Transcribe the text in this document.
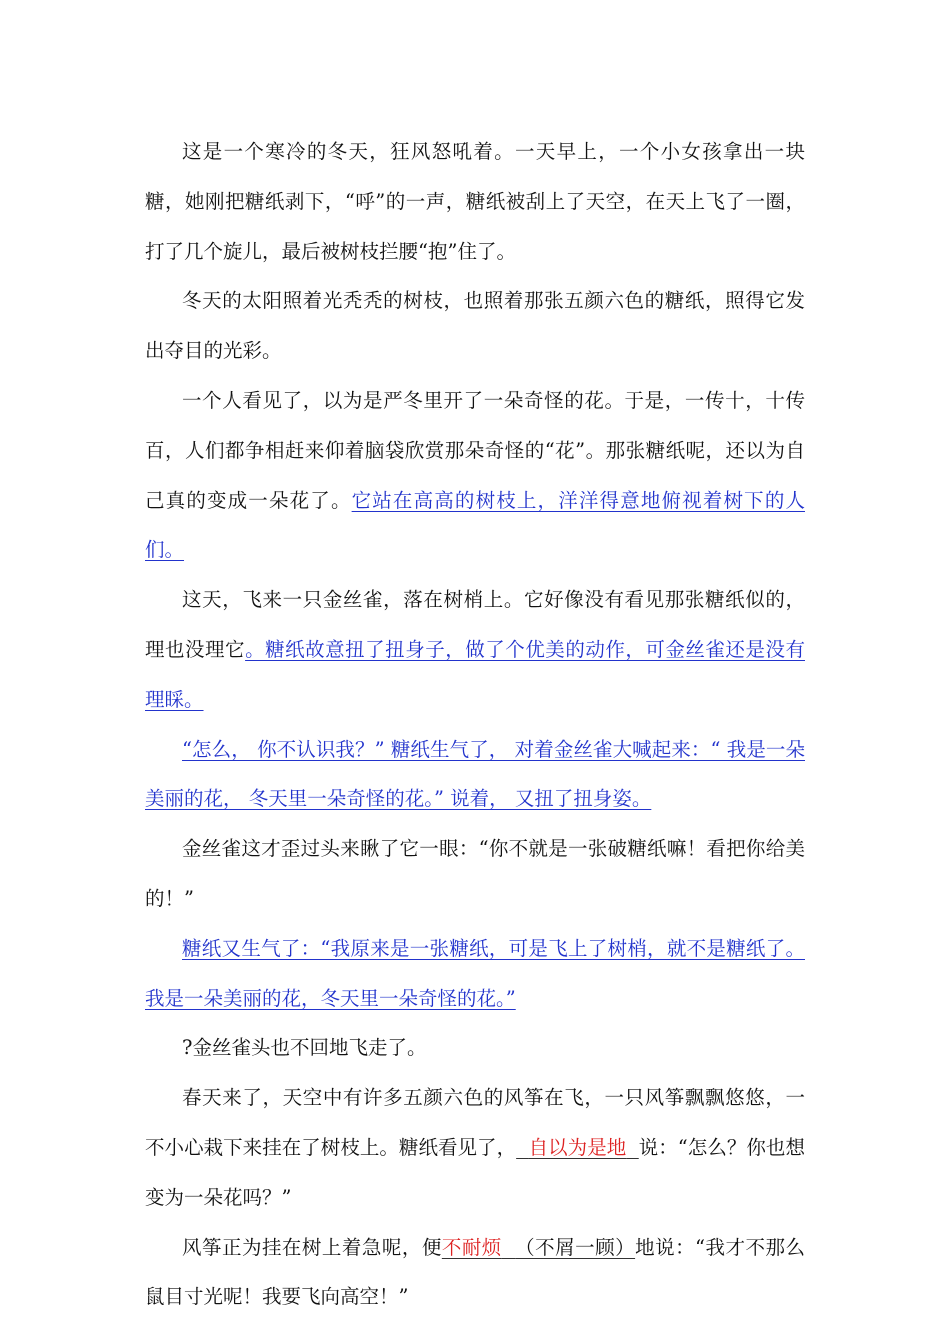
这是一个寒冷的冬天，狂风怒吼着。一天早上，一个小女孩拿出一块糖，她刚把糖纸剥下，“呼”的一声，糖纸被刮上了天空，在天上飞了一圈，打了几个旋儿，最后被树枝拦腰“抱”住了。

冬天的太阳照着光秃秃的树枝，也照着那张五颜六色的糖纸，照得它发出夺目的光彩。

一个人看见了，以为是严冬里开了一朵奇怪的花。于是，一传十，十传百，人们都争相赶来仰着脑袋欣赏那朵奇怪的“花”。那张糖纸呢，还以为自己真的变成一朵花了。它站在高高的树枝上，洋洋得意地俯视着树下的人们。

这天，飞来一只金丝雀，落在树梢上。它好像没有看见那张糖纸似的，理也没理它。糖纸故意扭了扭身子，做了个优美的动作，可金丝雀还是没有理睬。

“怎么， 你不认识我？” 糖纸生气了， 对着金丝雀大喊起来：“ 我是一朵美丽的花， 冬天里一朵奇怪的花。” 说着， 又扭了扭身姿。

金丝雀这才歪过头来瞅了它一眼：“你不就是一张破糖纸嘛！看把你给美的！”

糖纸又生气了：“我原来是一张糖纸，可是飞上了树梢，就不是糖纸了。我是一朵美丽的花，冬天里一朵奇怪的花。”

?金丝雀头也不回地飞走了。

春天来了，天空中有许多五颜六色的风筝在飞，一只风筝飘飘悠悠，一不小心栽下来挂在了树枝上。糖纸看见了， 自以为是地 说：“怎么？你也想变为一朵花吗？”

风筝正为挂在树上着急呢，便不耐烦 （不屑一顾）地说：“我才不那么鼠目寸光呢！我要飞向高空！”
